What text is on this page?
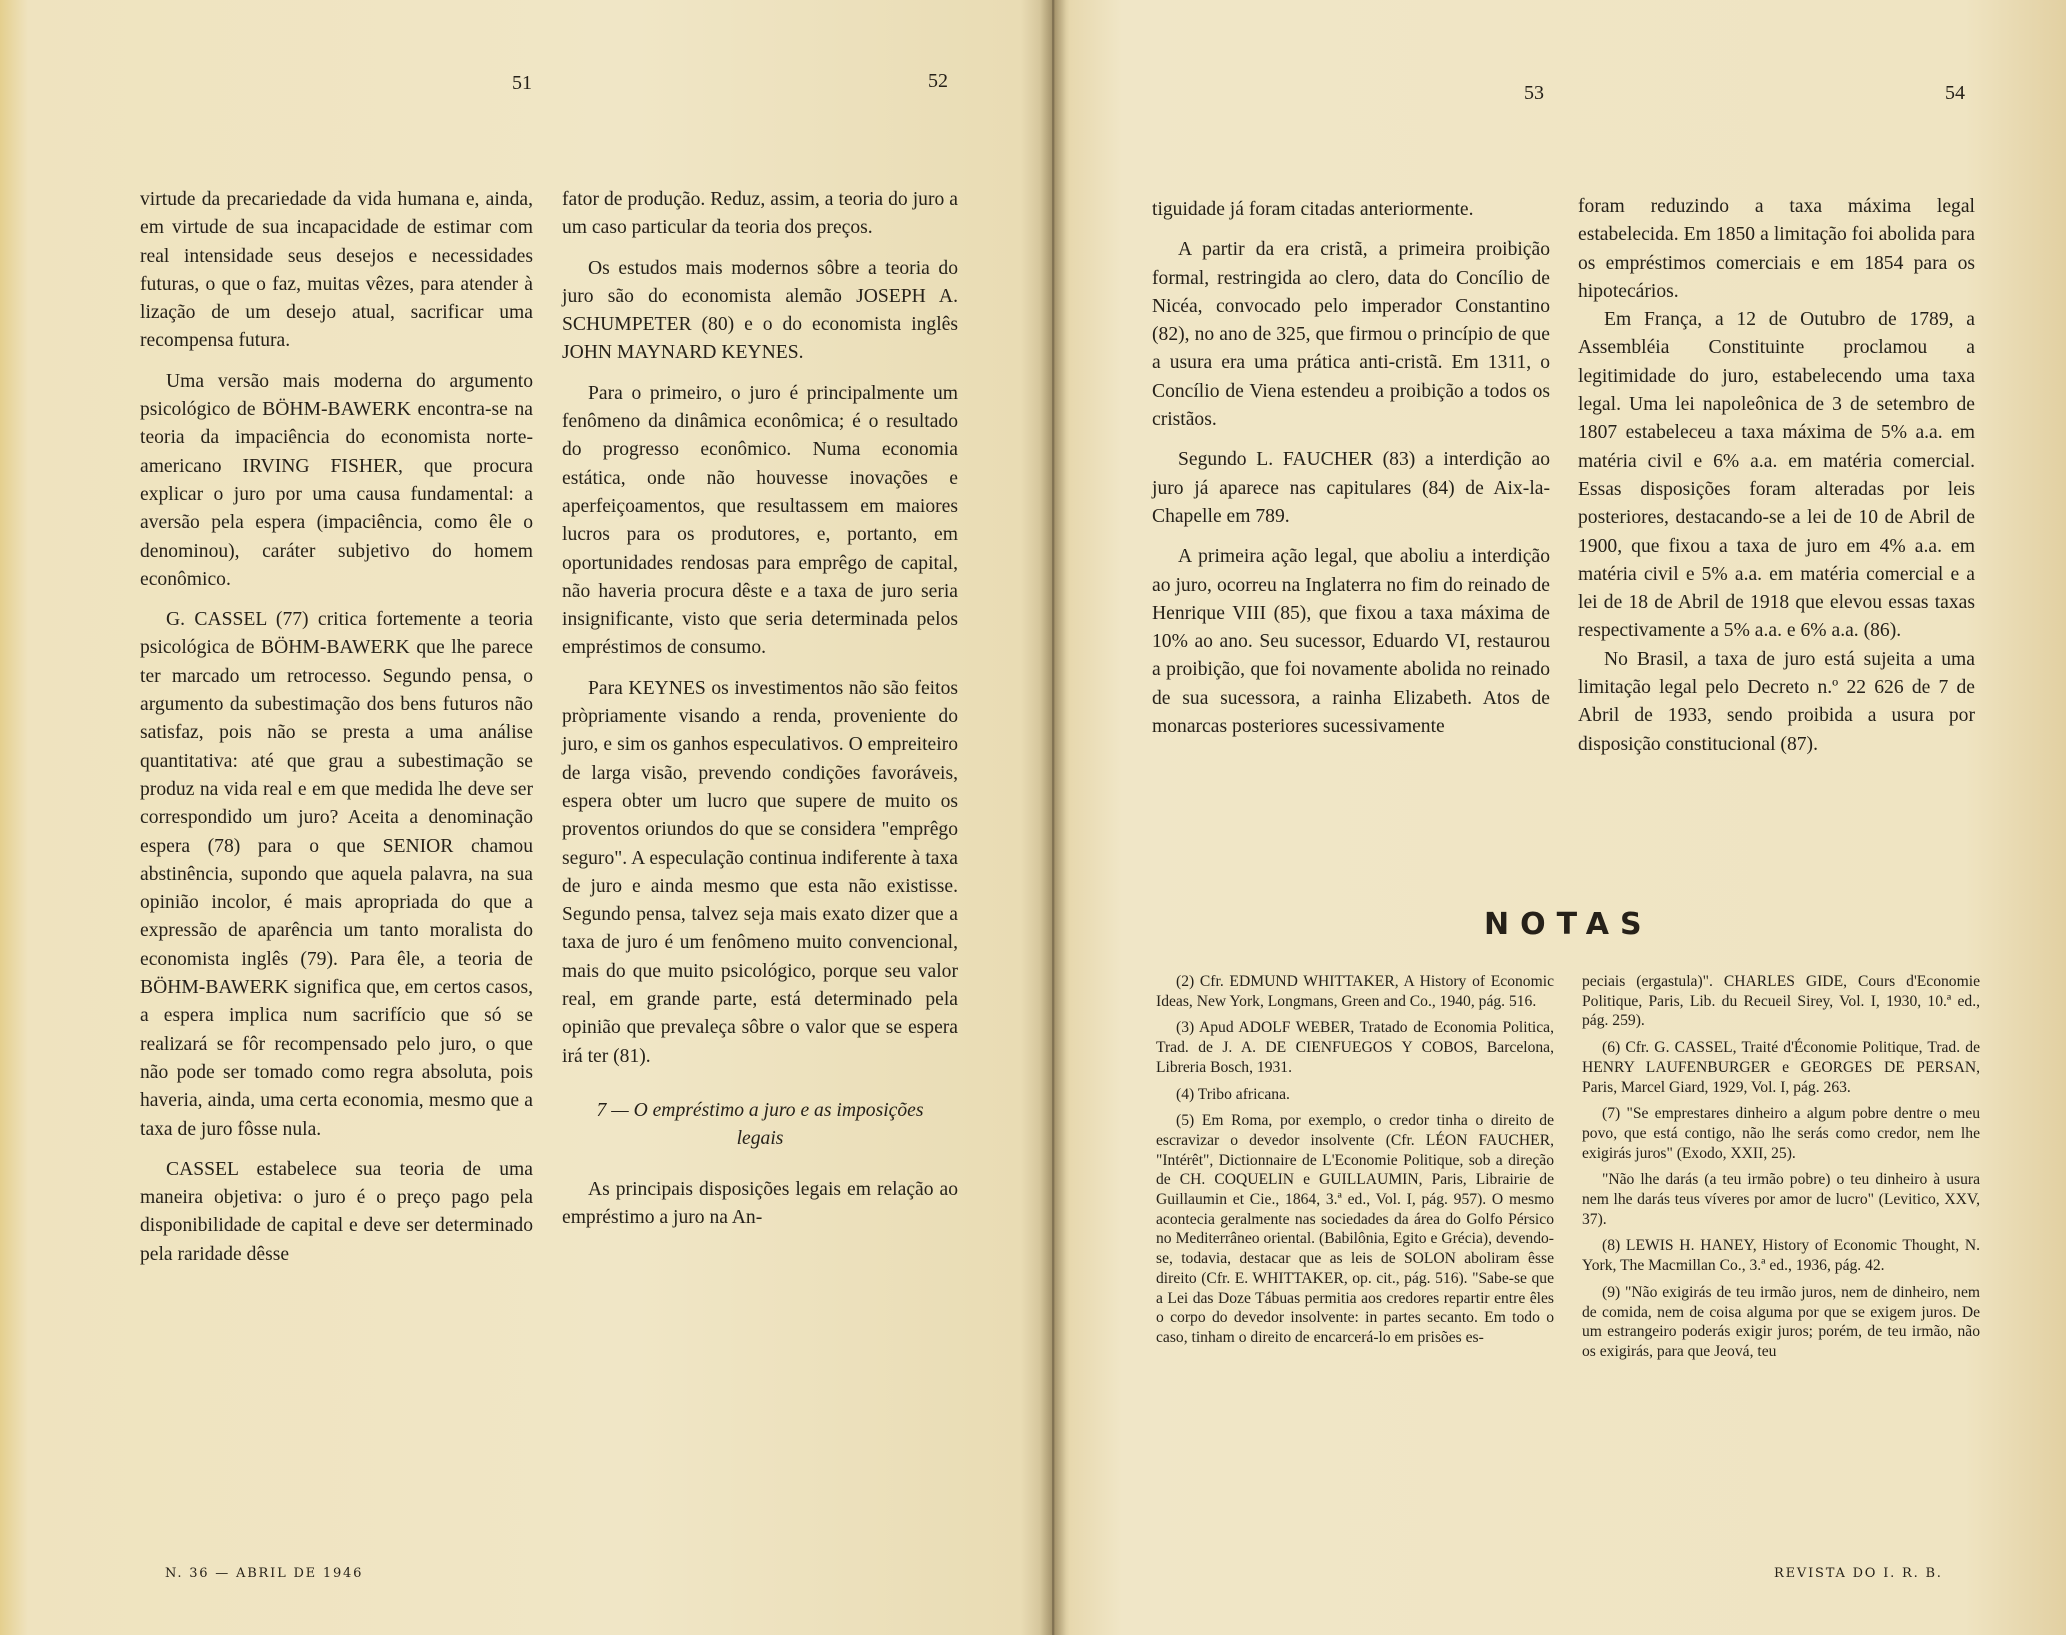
51	52
53	54

virtude da precariedade da vida humana e, ainda, em virtude de sua incapacidade de estimar com real intensidade seus desejos e necessidades futuras, o que o faz, muitas vêzes, para atender à lização de um desejo atual, sacrificar uma recompensa futura.

Uma versão mais moderna do argumento psicológico de BÖHM-BAWERK encontra-se na teoria da impaciência do economista norte-americano IRVING FISHER, que procura explicar o juro por uma causa fundamental: a aversão pela espera (impaciência, como êle o denominou), caráter subjetivo do homem econômico.

G. CASSEL (77) critica fortemente a teoria psicológica de BÖHM-BAWERK que lhe parece ter marcado um retrocesso. Segundo pensa, o argumento da subestimação dos bens futuros não satisfaz, pois não se presta a uma análise quantitativa: até que grau a subestimação se produz na vida real e em que medida lhe deve ser correspondido um juro? Aceita a denominação espera (78) para o que SENIOR chamou abstinência, supondo que aquela palavra, na sua opinião incolor, é mais apropriada do que a expressão de aparência um tanto moralista do economista inglês (79). Para êle, a teoria de BÖHM-BAWERK significa que, em certos casos, a espera implica num sacrifício que só se realizará se fôr recompensado pelo juro, o que não pode ser tomado como regra absoluta, pois haveria, ainda, uma certa economia, mesmo que a taxa de juro fôsse nula.

CASSEL estabelece sua teoria de uma maneira objetiva: o juro é o preço pago pela disponibilidade de capital e deve ser determinado pela raridade dêsse

fator de produção. Reduz, assim, a teoria do juro a um caso particular da teoria dos preços.

Os estudos mais modernos sôbre a teoria do juro são do economista alemão JOSEPH A. SCHUMPETER (80) e o do economista inglês JOHN MAYNARD KEYNES.

Para o primeiro, o juro é principalmente um fenômeno da dinâmica econômica; é o resultado do progresso econômico. Numa economia estática, onde não houvesse inovações e aperfeiçoamentos, que resultassem em maiores lucros para os produtores, e, portanto, em oportunidades rendosas para emprêgo de capital, não haveria procura dêste e a taxa de juro seria insignificante, visto que seria determinada pelos empréstimos de consumo.

Para KEYNES os investimentos não são feitos pròpriamente visando a renda, proveniente do juro, e sim os ganhos especulativos. O empreiteiro de larga visão, prevendo condições favoráveis, espera obter um lucro que supere de muito os proventos oriundos do que se considera "emprêgo seguro". A especulação continua indiferente à taxa de juro e ainda mesmo que esta não existisse. Segundo pensa, talvez seja mais exato dizer que a taxa de juro é um fenômeno muito convencional, mais do que muito psicológico, porque seu valor real, em grande parte, está determinado pela opinião que prevaleça sôbre o valor que se espera irá ter (81).

7 — O empréstimo a juro e as imposições legais

As principais disposições legais em relação ao empréstimo a juro na An-

tiguidade já foram citadas anteriormente.

A partir da era cristã, a primeira proibição formal, restringida ao clero, data do Concílio de Nicéa, convocado pelo imperador Constantino (82), no ano de 325, que firmou o princípio de que a usura era uma prática anti-cristã. Em 1311, o Concílio de Viena estendeu a proibição a todos os cristãos.

Segundo L. FAUCHER (83) a interdição ao juro já aparece nas capitulares (84) de Aix-la-Chapelle em 789.

A primeira ação legal, que aboliu a interdição ao juro, ocorreu na Inglaterra no fim do reinado de Henrique VIII (85), que fixou a taxa máxima de 10% ao ano. Seu sucessor, Eduardo VI, restaurou a proibição, que foi novamente abolida no reinado de sua sucessora, a rainha Elizabeth. Atos de monarcas posteriores sucessivamente

foram reduzindo a taxa máxima legal estabelecida. Em 1850 a limitação foi abolida para os empréstimos comerciais e em 1854 para os hipotecários.

Em França, a 12 de Outubro de 1789, a Assembléia Constituinte proclamou a legitimidade do juro, estabelecendo uma taxa legal. Uma lei napoleônica de 3 de setembro de 1807 estabeleceu a taxa máxima de 5% a.a. em matéria civil e 6% a.a. em matéria comercial. Essas disposições foram alteradas por leis posteriores, destacando-se a lei de 10 de Abril de 1900, que fixou a taxa de juro em 4% a.a. em matéria civil e 5% a.a. em matéria comercial e a lei de 18 de Abril de 1918 que elevou essas taxas respectivamente a 5% a.a. e 6% a.a. (86).

No Brasil, a taxa de juro está sujeita a uma limitação legal pelo Decreto n.º 22 626 de 7 de Abril de 1933, sendo proibida a usura por disposição constitucional (87).

NOTAS

(2) Cfr. EDMUND WHITTAKER, A History of Economic Ideas, New York, Longmans, Green and Co., 1940, pág. 516.

(3) Apud ADOLF WEBER, Tratado de Economia Politica, Trad. de J. A. DE CIENFUEGOS Y COBOS, Barcelona, Libreria Bosch, 1931.

(4) Tribo africana.

(5) Em Roma, por exemplo, o credor tinha o direito de escravizar o devedor insolvente (Cfr. LÉON FAUCHER, "Intérêt", Dictionnaire de L'Economie Politique, sob a direção de CH. COQUELIN e GUILLAUMIN, Paris, Librairie de Guillaumin et Cie., 1864, 3.ª ed., Vol. I, pág. 957). O mesmo acontecia geralmente nas sociedades da área do Golfo Pérsico no Mediterrâneo oriental. (Babilônia, Egito e Grécia), devendo-se, todavia, destacar que as leis de SOLON aboliram êsse direito (Cfr. E. WHITTAKER, op. cit., pág. 516). "Sabe-se que a Lei das Doze Tábuas permitia aos credores repartir entre êles o corpo do devedor insolvente: in partes secanto. Em todo o caso, tinham o direito de encarcerá-lo em prisões es-

peciais (ergastula)". CHARLES GIDE, Cours d'Economie Politique, Paris, Lib. du Recueil Sirey, Vol. I, 1930, 10.ª ed., pág. 259).

(6) Cfr. G. CASSEL, Traité d'Économie Politique, Trad. de HENRY LAUFENBURGER e GEORGES DE PERSAN, Paris, Marcel Giard, 1929, Vol. I, pág. 263.

(7) "Se emprestares dinheiro a algum pobre dentre o meu povo, que está contigo, não lhe serás como credor, nem lhe exigirás juros" (Exodo, XXII, 25).

"Não lhe darás (a teu irmão pobre) o teu dinheiro à usura nem lhe darás teus víveres por amor de lucro" (Levitico, XXV, 37).

(8) LEWIS H. HANEY, History of Economic Thought, N. York, The Macmillan Co., 3.ª ed., 1936, pág. 42.

(9) "Não exigirás de teu irmão juros, nem de dinheiro, nem de comida, nem de coisa alguma por que se exigem juros. De um estrangeiro poderás exigir juros; porém, de teu irmão, não os exigirás, para que Jeová, teu

N. 36 — ABRIL DE 1946	REVISTA DO I. R. B.
